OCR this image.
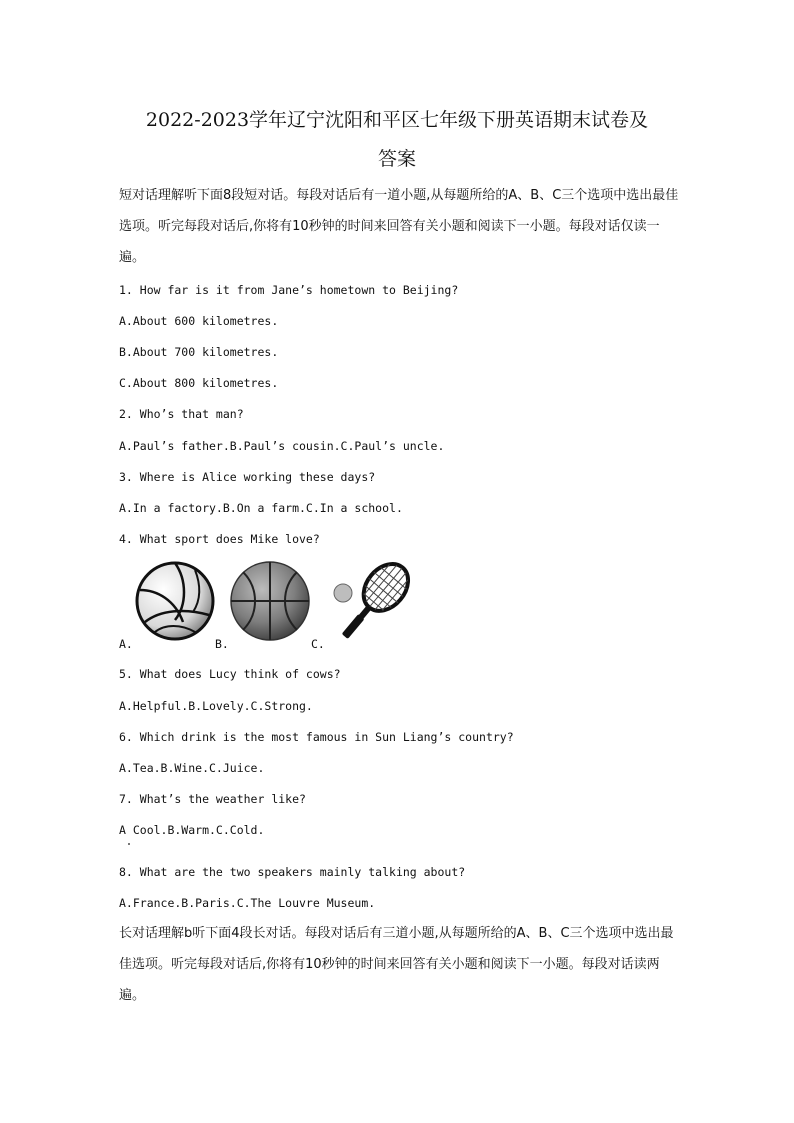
2022-2023学年辽宁沈阳和平区七年级下册英语期末试卷及
答案

短对话理解听下面8段短对话。每段对话后有一道小题,从每题所给的A、B、C三个选项中选出最佳选项。听完每段对话后,你将有10秒钟的时间来回答有关小题和阅读下一小题。每段对话仅读一遍。

1. How far is it from Jane’s hometown to Beijing?
A.About 600 kilometres.
B.About 700 kilometres.
C.About 800 kilometres.
2. Who’s that man?
A.Paul’s father.B.Paul’s cousin.C.Paul’s uncle.
3. Where is Alice working these days?
A.In a factory.B.On a farm.C.In a school.
4. What sport does Mike love?
A.	B.	C.
5. What does Lucy think of cows?
A.Helpful.B.Lovely.C.Strong.
6. Which drink is the most famous in Sun Liang’s country?
A.Tea.B.Wine.C.Juice.
7. What’s the weather like?
A Cool.B.Warm.C.Cold.
8. What are the two speakers mainly talking about?
A.France.B.Paris.C.The Louvre Museum.

长对话理解b听下面4段长对话。每段对话后有三道小题,从每题所给的A、B、C三个选项中选出最佳选项。听完每段对话后,你将有10秒钟的时间来回答有关小题和阅读下一小题。每段对话读两遍。
